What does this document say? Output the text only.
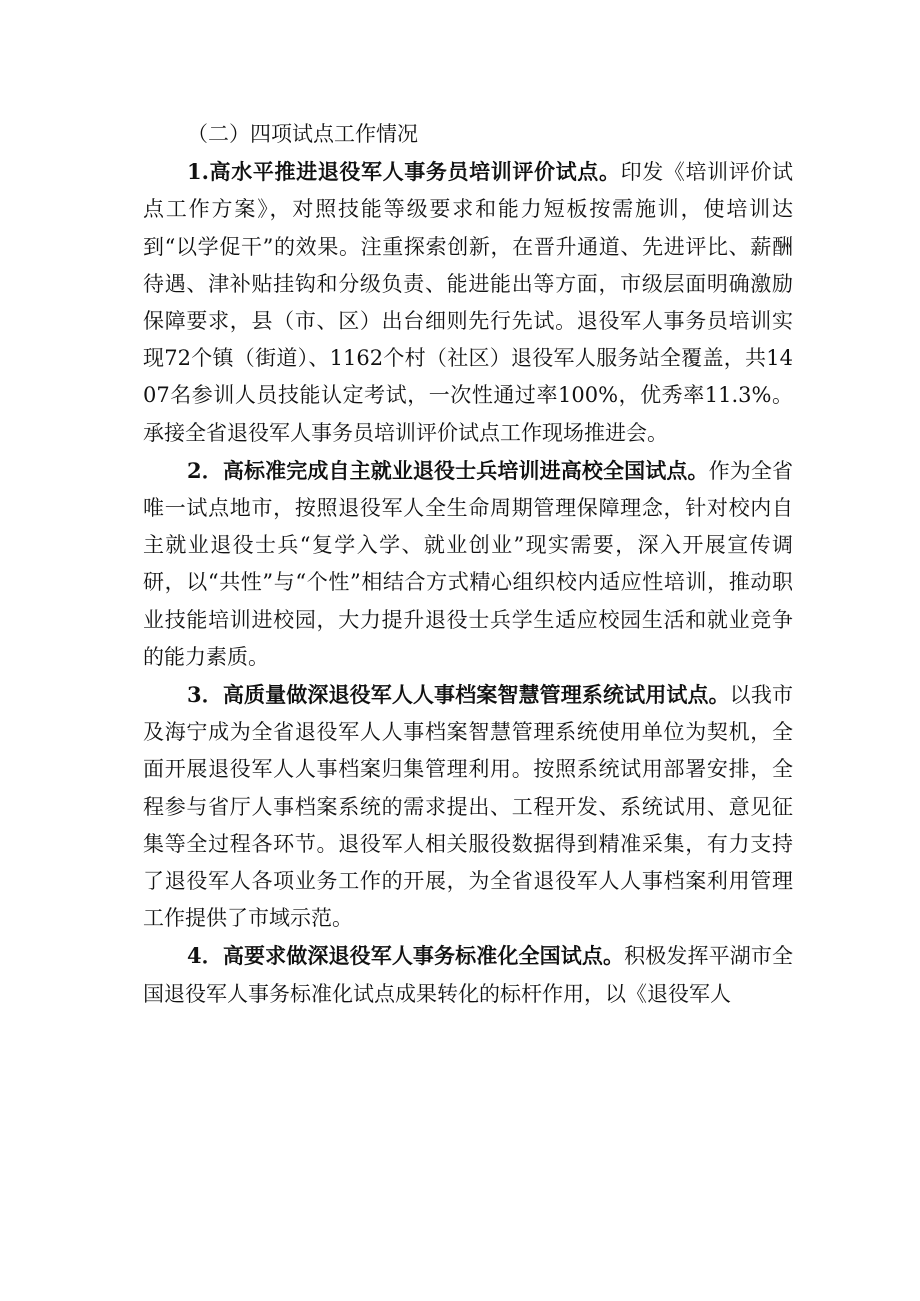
（二）四项试点工作情况

1.高水平推进退役军人事务员培训评价试点。印发《培训评价试点工作方案》，对照技能等级要求和能力短板按需施训，使培训达到“以学促干”的效果。注重探索创新，在晋升通道、先进评比、薪酬待遇、津补贴挂钩和分级负责、能进能出等方面，市级层面明确激励保障要求，县（市、区）出台细则先行先试。退役军人事务员培训实现72个镇（街道）、1162个村（社区）退役军人服务站全覆盖，共1407名参训人员技能认定考试，一次性通过率100%，优秀率11.3%。承接全省退役军人事务员培训评价试点工作现场推进会。

2．高标准完成自主就业退役士兵培训进高校全国试点。作为全省唯一试点地市，按照退役军人全生命周期管理保障理念，针对校内自主就业退役士兵“复学入学、就业创业”现实需要，深入开展宣传调研，以“共性”与“个性”相结合方式精心组织校内适应性培训，推动职业技能培训进校园，大力提升退役士兵学生适应校园生活和就业竞争的能力素质。

3．高质量做深退役军人人事档案智慧管理系统试用试点。以我市及海宁成为全省退役军人人事档案智慧管理系统使用单位为契机，全面开展退役军人人事档案归集管理利用。按照系统试用部署安排，全程参与省厅人事档案系统的需求提出、工程开发、系统试用、意见征集等全过程各环节。退役军人相关服役数据得到精准采集，有力支持了退役军人各项业务工作的开展，为全省退役军人人事档案利用管理工作提供了市域示范。

4．高要求做深退役军人事务标准化全国试点。积极发挥平湖市全国退役军人事务标准化试点成果转化的标杆作用，以《退役军人
